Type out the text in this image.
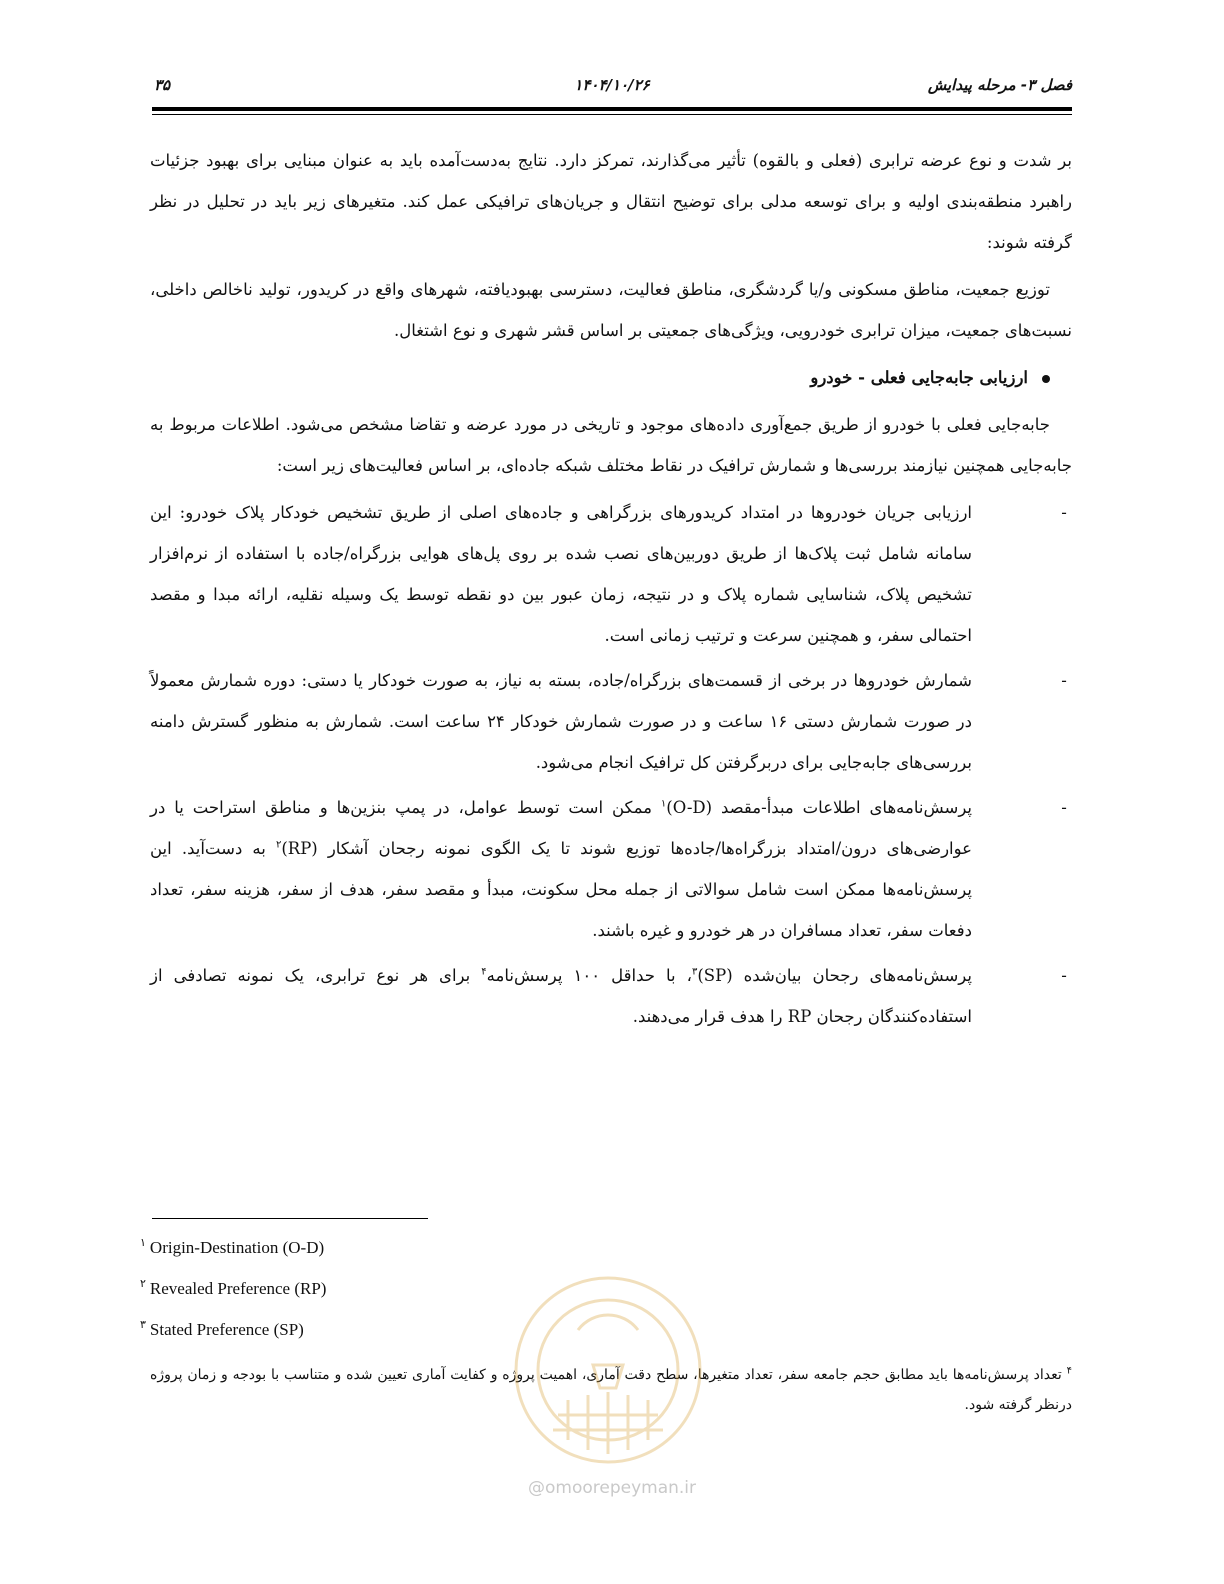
فصل ۳- مرحله پیدایش
۱۴۰۴/۱۰/۲۶
۳۵

بر شدت و نوع عرضه ترابری (فعلی و بالقوه) تأثیر می‌گذارند، تمرکز دارد. نتایج به‌دست‌آمده باید به عنوان مبنایی برای بهبود جزئیات راهبرد منطقه‌بندی اولیه و برای توسعه مدلی برای توضیح انتقال و جریان‌های ترافیکی عمل کند. متغیرهای زیر باید در تحلیل در نظر گرفته شوند:

توزیع جمعیت، مناطق مسکونی و/یا گردشگری، مناطق فعالیت، دسترسی بهبودیافته، شهرهای واقع در کریدور، تولید ناخالص داخلی، نسبت‌های جمعیت، میزان ترابری خودرویی، ویژگی‌های جمعیتی بر اساس قشر شهری و نوع اشتغال.

ارزیابی جابه‌جایی فعلی - خودرو

جابه‌جایی فعلی با خودرو از طریق جمع‌آوری داده‌های موجود و تاریخی در مورد عرضه و تقاضا مشخص می‌شود. اطلاعات مربوط به جابه‌جایی همچنین نیازمند بررسی‌ها و شمارش ترافیک در نقاط مختلف شبکه جاده‌ای، بر اساس فعالیت‌های زیر است:

-
ارزیابی جریان خودروها در امتداد کریدورهای بزرگراهی و جاده‌های اصلی از طریق تشخیص خودکار پلاک خودرو: این سامانه شامل ثبت پلاک‌ها از طریق دوربین‌های نصب شده بر روی پل‌های هوایی بزرگراه/جاده با استفاده از نرم‌افزار تشخیص پلاک، شناسایی شماره پلاک و در نتیجه، زمان عبور بین دو نقطه توسط یک وسیله نقلیه، ارائه مبدا و مقصد احتمالی سفر، و همچنین سرعت و ترتیب زمانی است.
-
شمارش خودروها در برخی از قسمت‌های بزرگراه/جاده، بسته به نیاز، به صورت خودکار یا دستی: دوره شمارش معمولاً در صورت شمارش دستی ۱۶ ساعت و در صورت شمارش خودکار ۲۴ ساعت است. شمارش به منظور گسترش دامنه بررسی‌های جابه‌جایی برای دربرگرفتن کل ترافیک انجام می‌شود.
-
پرسش‌نامه‌های اطلاعات مبدأ-مقصد $(O-D)^۱$ ممکن است توسط عوامل، در پمپ بنزین‌ها و مناطق استراحت یا در عوارضی‌های درون/امتداد بزرگراه‌ها/جاده‌ها توزیع شوند تا یک الگوی نمونه رجحان آشکار (RP)$^۲$ به دست‌آید. این پرسش‌نامه‌ها ممکن است شامل سوالاتی از جمله محل سکونت، مبدأ و مقصد سفر، هدف از سفر، هزینه سفر، تعداد دفعات سفر، تعداد مسافران در هر خودرو و غیره باشند.
-
پرسش‌نامه‌های رجحان بیان‌شده (SP)$^۳$، با حداقل ۱۰۰ پرسش‌نامه$^۴$ برای هر نوع ترابری، یک نمونه تصادفی از استفاده‌کنندگان رجحان RP را هدف قرار می‌دهند.
$^۱$ Origin-Destination (O-D)
$^۲$ Revealed Preference (RP)
$^۳$ Stated Preference (SP)
$^۴$ تعداد پرسش‌نامه‌ها باید مطابق حجم جامعه سفر، تعداد متغیرها، سطح دقت آماری، اهمیت پروژه و کفایت آماری تعیین شده و متناسب با بودجه و زمان پروژه درنظر گرفته شود.
@omoorepeyman.ir
